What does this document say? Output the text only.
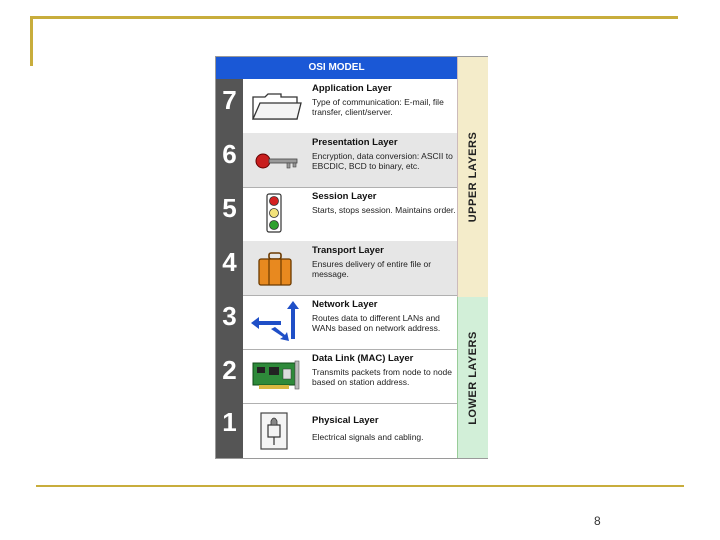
8
OSI MODEL
7	Application Layer
Type of communication: E-mail, file transfer, client/server.
6	Presentation Layer
Encryption, data conversion: ASCII to EBCDIC, BCD to binary, etc.
5	Session Layer
Starts, stops session. Maintains order.
4	Transport Layer
Ensures delivery of entire file or message.
3	Network Layer
Routes data to different LANs and WANs based on network address.
2	Data Link (MAC) Layer
Transmits packets from node to node based on station address.
1	Physical Layer
Electrical signals and cabling.
UPPER LAYERS
LOWER LAYERS
